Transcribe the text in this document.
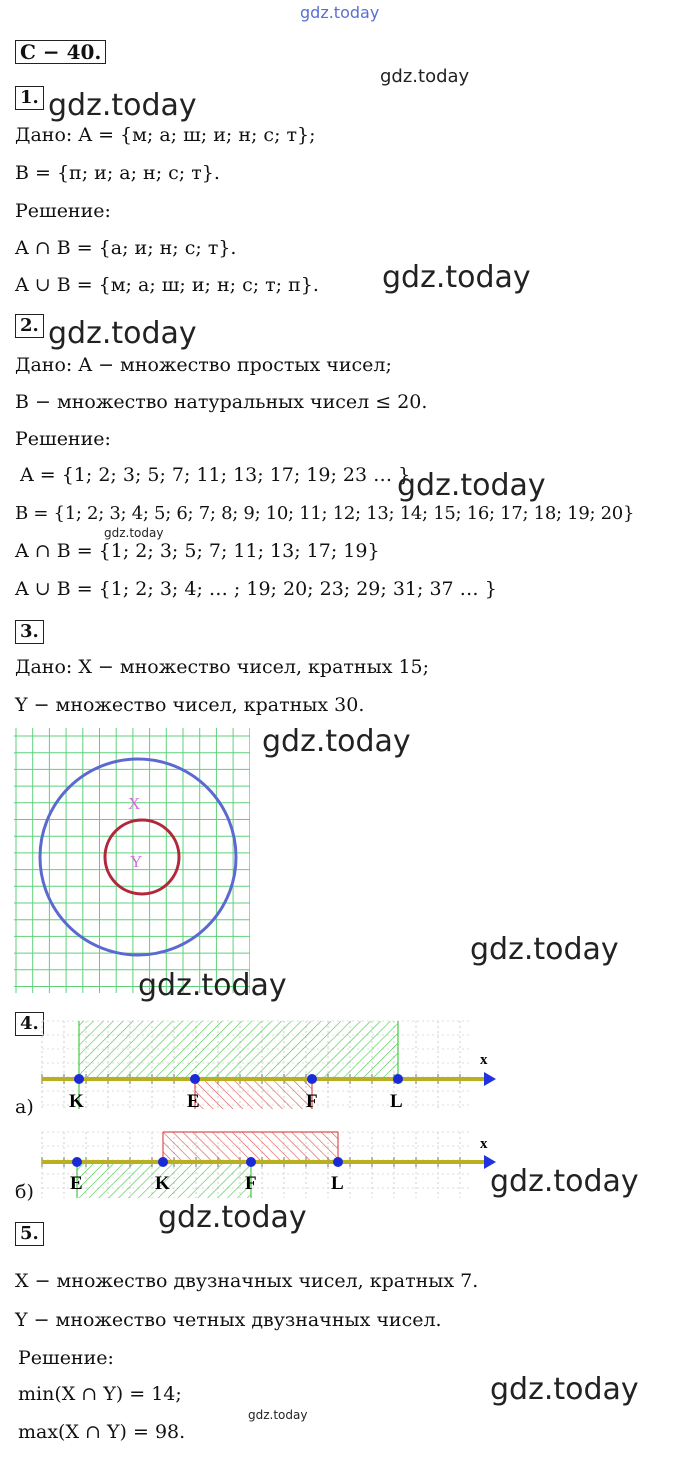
gdz.today
С − 40.
gdz.today
1. gdz.today
Дано: A = {м; а; ш; и; н; с; т};
B = {п; и; а; н; с; т}.
Решение:
A ∩ B = {а; и; н; с; т}.
A ∪ B = {м; а; ш; и; н; с; т; п}. gdz.today
2. gdz.today
Дано: A − множество простых чисел;
B − множество натуральных чисел ≤ 20.
Решение:
A = {1; 2; 3; 5; 7; 11; 13; 17; 19; 23 … }
gdz.today
B = {1; 2; 3; 4; 5; 6; 7; 8; 9; 10; 11; 12; 13; 14; 15; 16; 17; 18; 19; 20}
gdz.today
A ∩ B = {1; 2; 3; 5; 7; 11; 13; 17; 19}
A ∪ B = {1; 2; 3; 4; … ; 19; 20; 23; 29; 31; 37 … }
3.
Дано: X − множество чисел, кратных 15;
Y − множество чисел, кратных 30.
gdz.today
X
Y
gdz.today
gdz.today
4.
x
K	E	F	L
а)
x
E	K	F	L
б)	gdz.today
gdz.today
5.
X − множество двузначных чисел, кратных 7.
Y − множество четных двузначных чисел.
Решение:
min(X ∩ Y) = 14;	gdz.today
gdz.today
max(X ∩ Y) = 98.
